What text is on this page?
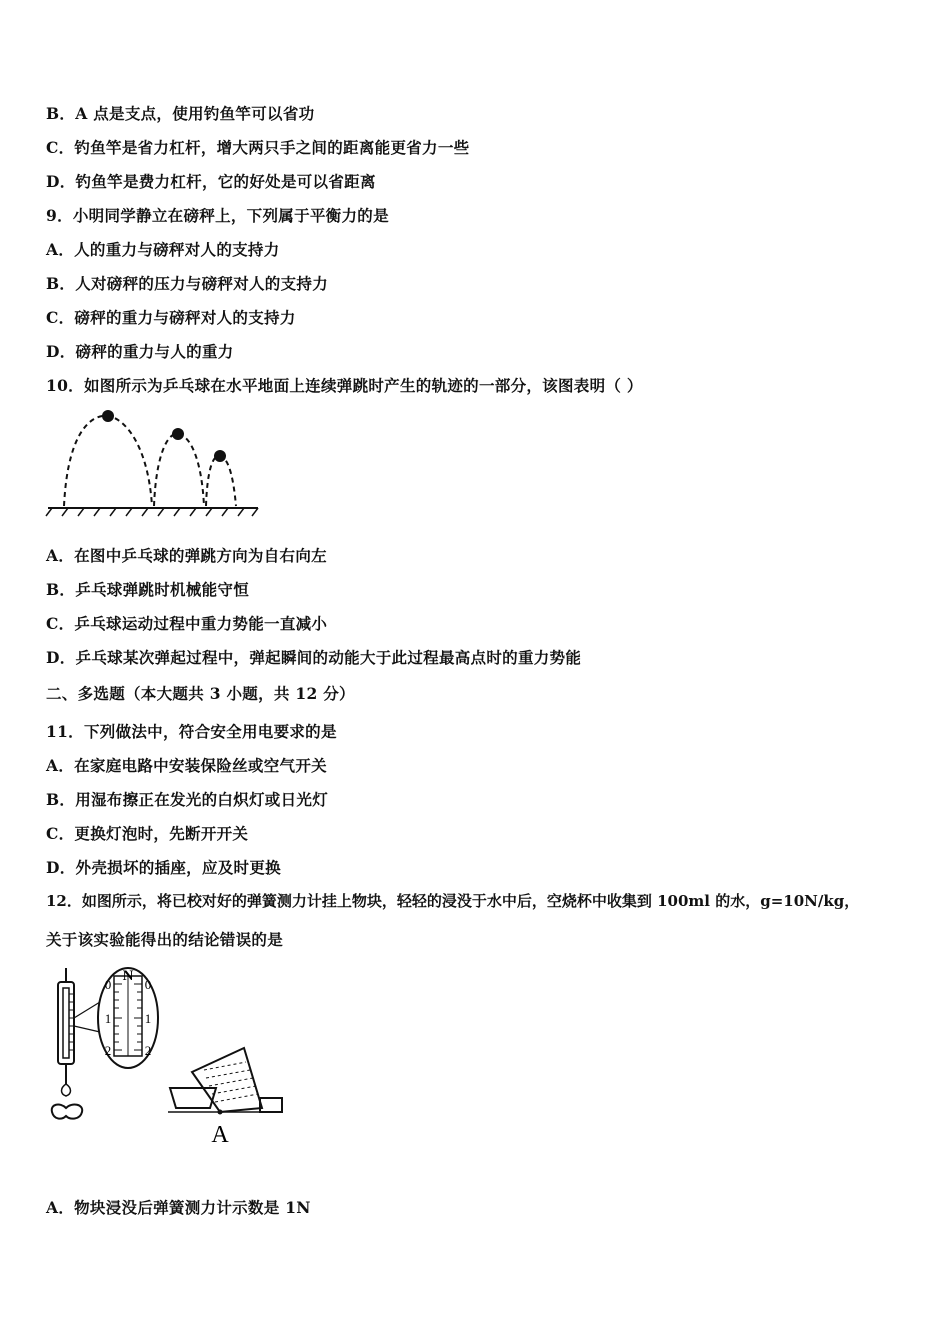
B．A 点是支点，使用钓鱼竿可以省功
C．钓鱼竿是省力杠杆，增大两只手之间的距离能更省力一些
D．钓鱼竿是费力杠杆，它的好处是可以省距离
9．小明同学静立在磅秤上，下列属于平衡力的是
A．人的重力与磅秤对人的支持力
B．人对磅秤的压力与磅秤对人的支持力
C．磅秤的重力与磅秤对人的支持力
D．磅秤的重力与人的重力
10．如图所示为乒乓球在水平地面上连续弹跳时产生的轨迹的一部分，该图表明（ ）
A．在图中乒乓球的弹跳方向为自右向左
B．乒乓球弹跳时机械能守恒
C．乒乓球运动过程中重力势能一直减小
D．乒乓球某次弹起过程中，弹起瞬间的动能大于此过程最高点时的重力势能
二、多选题（本大题共 3 小题，共 12 分）
11．下列做法中，符合安全用电要求的是
A．在家庭电路中安装保险丝或空气开关
B．用湿布擦正在发光的白炽灯或日光灯
C．更换灯泡时，先断开开关
D．外壳损坏的插座，应及时更换
12．如图所示，将已校对好的弹簧测力计挂上物块，轻轻的浸没于水中后，空烧杯中收集到 100ml 的水，g=10N/kg，
关于该实验能得出的结论错误的是
N
0
1
2
0
1
2
A
A．物块浸没后弹簧测力计示数是 1N
